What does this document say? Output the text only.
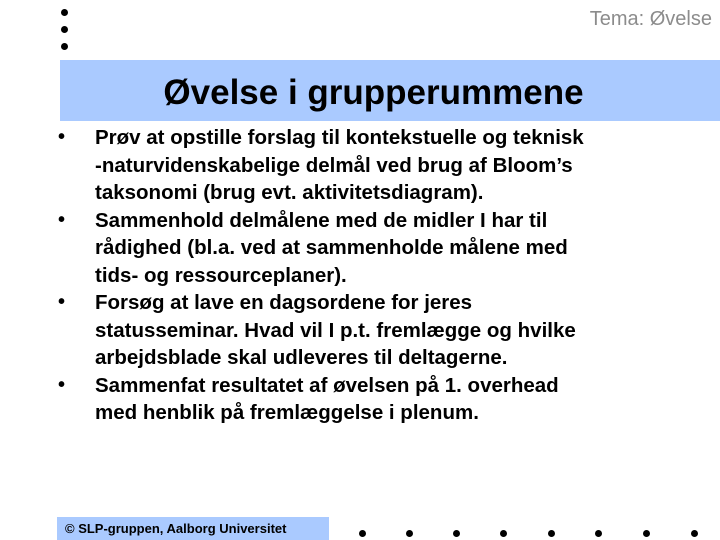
Tema: Øvelse
Øvelse i grupperummene
• Prøv at opstille forslag til kontekstuelle og teknisk
-naturvidenskabelige delmål ved brug af Bloom’s
taksonomi (brug evt. aktivitetsdiagram).
• Sammenhold delmålene med de midler I har til
rådighed (bl.a. ved at sammenholde målene med
tids- og ressourceplaner).
• Forsøg at lave en dagsordene for jeres
statusseminar. Hvad vil I p.t. fremlægge og hvilke
arbejdsblade skal udleveres til deltagerne.
• Sammenfat resultatet af øvelsen på 1. overhead
med henblik på fremlæggelse i plenum.
© SLP-gruppen, Aalborg Universitet
